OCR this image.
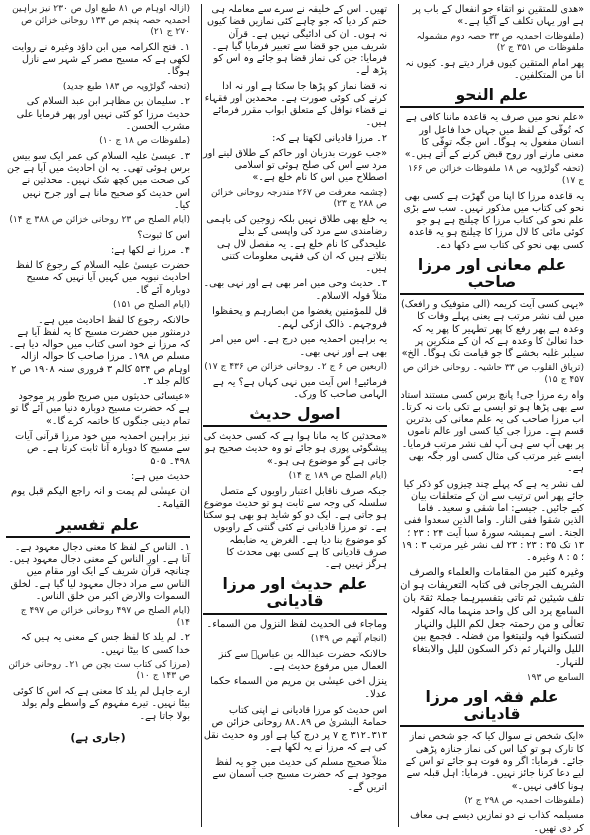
«هدی للمتقین نو اتقاء جو انفعال کے باب پر ہے اور یہاں تکلف کے آگیا ہے۔»

(ملفوظات احمدیہ ص ۳۳ حصہ دوم مشمولہ ملفوظات ص ۳۵۱ ج ۲)

پھر امام المتقین کیوں قرار دیتے ہو۔ کیوں نہ انا من المتکلفین۔

علم النحو

«علم نحو میں صرف یہ قاعدہ ماننا کافی ہے کہ تُوفّی کے لفظ میں جہاں خدا فاعل اور انسان مفعول بہ ہوگا۔ اس جگہ توفّی کا معنی مارنے اور روح قبض کرنے کے آتے ہیں۔»

(تحفہ گولڑویہ ص ۱۸ ملفوظات خزائن ص ۱۶۶ ج ۱۷)

یہ قاعدہ مرزا کا اپنا من گھڑت ہے کسی بھی نحو کی کتاب میں مذکور نہیں۔ سب سے بڑی علم نحو کی کتاب مرزا کا چیلنج ہے ہو جو کوئی مائی کا لال مرزا کا چیلنج ہو یہ قاعدہ کسی بھی نحو کی کتاب سے دکھا دے۔

علم معانی اور مرزا صاحب

«یہی کسی آیت کریمہ (الی متوفیک و رافعک) میں لف نشر مرتب ہے یعنی پہلے وفات کا وعدہ ہے پھر رفع کا پھر تطہیر کا پھر یہ کہ خدا تعالیٰ کا وعدہ ہے کہ ان کے منکرین پر سیلبر غلبہ بخشے گا جو قیامت تک ہوگا۔ الخ»

(تریاق القلوب ص ۳۳ حاشیہ۔ روحانی خزائن ص ۴۵۷ ج ۱۵)

واہ رے مرزا جی! پانچ برس کسی مستند استاد سے بھی پڑھا ہو تو ایسی بے تکی بات نہ کرتا۔ اب مرزا صاحب کی یہ علم معانی کی بدترین قسم ہے۔ مرزا جی کیا کسی اور عالم ناموں پر بھی آپ سے ہی آپ لف نشر مرتب فرمایا۔ ایسے غیر مرتب کی مثال کسی اور جگہ بھی ہے۔

لف نشر یہ ہے کہ پہلے چند چیزوں کو ذکر کیا جائے پھر اس ترتیب سے ان کے متعلقات بیان کیے جائیں۔ جیسے: اما شقی و سعید۔ فاما الذین شقوا ففی النار۔ واما الذین سعدوا ففی الجنۃ۔ اسے ہمیشہ سورۃ سبا آیت ۲۴ : ۲۳ ؛ ۱۳ تک ۳۵ : ۲۳ : ۲۳ لف نشر غیر مرتب ۳ : ۱۹ ؛ ۵ : ۸ وغیرہ۔

وغیرہ کثیر من المقامات والعلماء والصرف الشریف الجرجانی فی کتابہ التعریفات ہو ان تلف شیئین ثم تاتی بتفسیرہما جملۃ ثقۃ بان السامع یرد الی کل واحد منہما مالہ کقولہ تعالٰی و من رحمتہ جعل لکم اللیل والنہار لتسکنوا فیہ ولتبتغوا من فضلہ۔ فجمع بین اللیل والنہار ثم ذکر السکون للیل والابتغاء للنہار۔

السامع ص ۱۹۳

علم فقہ اور مرزا قادیانی

«ایک شخص نے سوال کیا کہ جو شخص نماز کا تارک ہو تو کیا اس کی نماز جنازہ پڑھی جائے۔ فرمایا: اگر وہ فوت ہو جائے تو اس کے لیے دعا کرنا جائز نہیں۔ فرمایا: اہل قبلہ سے ہونا کافی نہیں۔»

(ملفوظات احمدیہ ص ۲۹۸ ج ۲)

مسیلمہ کذاب نے دو نمازیں دیسے ہی معاف کر دی تھیں۔

تھیں۔ اس کے خلیفہ نے سرے سے معاملہ ہی ختم کر دیا کہ جو چاہے کئی نمازیں قضا کیوں نہ ہوں۔ ان کی ادائیگی نہیں ہے۔ قرآن شریف میں جو قضا سے تعبیر فرمایا گیا ہے۔ فرمایا: جن کی نماز قضا ہو جائے وہ اس کو پڑھ لے۔

نہ قضا نماز کو پڑھا جا سکتا ہے اور نہ ادا کرنے کی کوئی صورت ہے۔ محمدین اور فقہاء نے قضاء نوافل کے متعلق ابواب مقرر فرمائے ہیں۔

۲۔ مرزا قادیانی لکھتا ہے کہ:

«جب عورت بدزبان اور حاکم کے طلاق لینے اور مرد سے اس کی صلح ہوئی تو اسلامی اصطلاح میں اس کا نام خلع ہے۔»

(چشمہ معرفت ص ۲۶۷ مندرجہ روحانی خزائن ص ۲۸۸ ج ۲۳)

یہ خلع بھی طلاق نہیں بلکہ زوجین کی باہمی رضامندی سے مرد کی واپسی کے بدلے علیحدگی کا نام خلع ہے۔ یہ مفصل لال ہی بتلاتے ہیں کہ ان کی فقہی معلومات کتنی ہیں۔

۳۔ حدیث وحی میں امر بھی ہے اور نہی بھی۔ مثلاً قولہ الاسلام۔

قل للمؤمنین یغضوا من ابصارہم و یحفظوا فروجہم۔ ذالک ازکی لہم۔

یہ براہین احمدیہ میں درج ہے۔ اس میں امر بھی ہے اور نہی بھی۔

(اربعین ص ۶ ج ۲۔ روحانی خزائن ص ۴۳۶ ج ۱۷)

فرمائیے! اس آیت میں نہی کہاں ہے؟ یہ ہے الہامی صاحب کا ورک۔

اصول حدیث

«محدثین کا یہ مانا ہوا ہے کہ کسی حدیث کی پیشگوئی پوری ہو جائے تو وہ حدیث صحیح ہو جاتی ہے گو موضوع ہی ہو۔»

(ایام الصلح ص ۱۸۹ ج ۱۴)

جبکہ صرف ناقابل اعتبار راویوں کے متصل سلسلہ کی وجہ سے ثابت ہو تو حدیث موضوع ہو جاتی ہے۔ ایک دو کو شاید ہو بھی ہو سکتا ہے۔ تو مرزا قادیانی نے کئی گنتی کے راویوں کو موضوع بنا دیا ہے۔ الغرض یہ ضابطہ صرف قادیانی کا ہے کسی بھی محدث کا ہرگز نہیں ہے۔

علم حدیث اور مرزا قادیانی

وماجاء فی الحدیث لفظ النزول من السماء۔

(انجام آتھم ص ۱۴۹)

حالانکہ حضرت عبداللہ بن عباسؓ سے کنز العمال میں مرفوع حدیث ہے۔

ینزل اخی عیسٰی بن مریم من السماء حکما عدلا۔

اس حدیث کو مرزا قادیانی نے اپنی کتاب حمامۃ البشریٰ ص ۸۹۔۸۸ روحانی خزائن ص ۳۱۳۔۳۱۲ ج ۷ پر درج کیا ہے اور وہ حدیث نقل کی ہے کہ مرزا نے یہ لکھا ہے۔

مثلاً صحیح مسلم کی حدیث میں جو یہ لفظ موجود ہے کہ حضرت مسیح جب آسمان سے اتریں گے۔

(ازالہ اوہام ص ۸۱ طبع اول ص ۲۳۰ نیز براہین احمدیہ حصہ پنجم ص ۱۳۳ روحانی خزائن ص ۲۷۰ ج ۲۱)

۱۔ فتح الکرامہ میں ابن داؤد وغیرہ نے روایت لکھی ہے کہ مسیح مصر کے شہر سے نازل ہوگا۔

(تحفہ گولڑویہ ص ۱۸۳ طبع جدید)

۲۔ سلیمان بن مظاہر ابن عبد السلام کی حدیث مرزا کو کئی نہیں اور پھر فرمایا علی مشرب الحسن۔

(ملفوظات ص ۱۸ ج ۱۰)

۳۔ عیسیٰ علیہ السلام کی عمر ایک سو بیس برس ہوئی تھی۔ یہ ان احادیث میں آیا ہے جن کی صحت میں کچھ شک نہیں۔ محدثین نے اس حدیث کو صحیح مانا ہے اور جرح نہیں کیا۔

(ایام الصلح ص ۲۳ روحانی خزائن ص ۳۸۸ ج ۱۴)

اس کا ثبوت؟

۴۔ مرزا نے لکھا ہے:

حضرت عیسیٰ علیہ السلام کے رجوع کا لفظ احادیث نبویہ میں کہیں آیا نہیں کہ مسیح دوبارہ آئے گا۔

(ایام الصلح ص ۱۵۱)

حالانکہ رجوع کا لفظ احادیث میں ہے۔ درمنثور میں حضرت مسیح کا یہ لفظ آیا ہے کہ مرزا نے خود اسی کتاب میں حوالہ دیا ہے۔ مسلم ص ۱۹۸۔ مرزا صاحب کا حوالہ ازالہ اوہام ص ۵۳۴ کالم ۳ فروری سنہ ۱۹۰۸ ص ۲ کالم جلد ۳۔

«عیسائی حدیثوں میں صریح طور پر موجود ہے کہ حضرت مسیح دوبارہ دنیا میں آئے گا تو تمام دینی جنگوں کا خاتمہ کرے گا۔»

نیز براہین احمدیہ میں خود مرزا قرآنی آیات سے مسیح کا دوبارہ آنا ثابت کرتا ہے۔ ص ۴۹۸۔ ۵۰۵

حدیث میں ہے:

ان عیسٰی لم یمت و انہ راجع الیکم قبل یوم القیامۃ۔

علم تفسیر

۱۔ الناس کے لفظ کا معنی دجال معہود ہے۔ آتا ہے۔ اور الناس کے معنی دجال معہود ہیں۔ چنانچہ قرآن شریف کے ایک اور مقام میں الناس سے مراد دجال معہود لیا گیا ہے۔ لخلق السموات والارض اکبر من خلق الناس۔

(ایام الصلح ص ۴۹۷ روحانی خزائن ص ۴۹۷ ج ۱۴)

۲۔ لم یلد کا لفظ جس کے معنی یہ ہیں کہ خدا کسی کا بیٹا نہیں۔

(مرزا کی کتاب ست بچن ص ۲۱۔ روحانی خزائن ص ۱۴۳ ج ۱۰)

ارے جاہل لم یلد کا معنی ہے کہ اس کا کوئی بیٹا نہیں۔ تیرے مفہوم کے واسطے ولم یولد بولا جاتا ہے۔

(جاری ہے)
